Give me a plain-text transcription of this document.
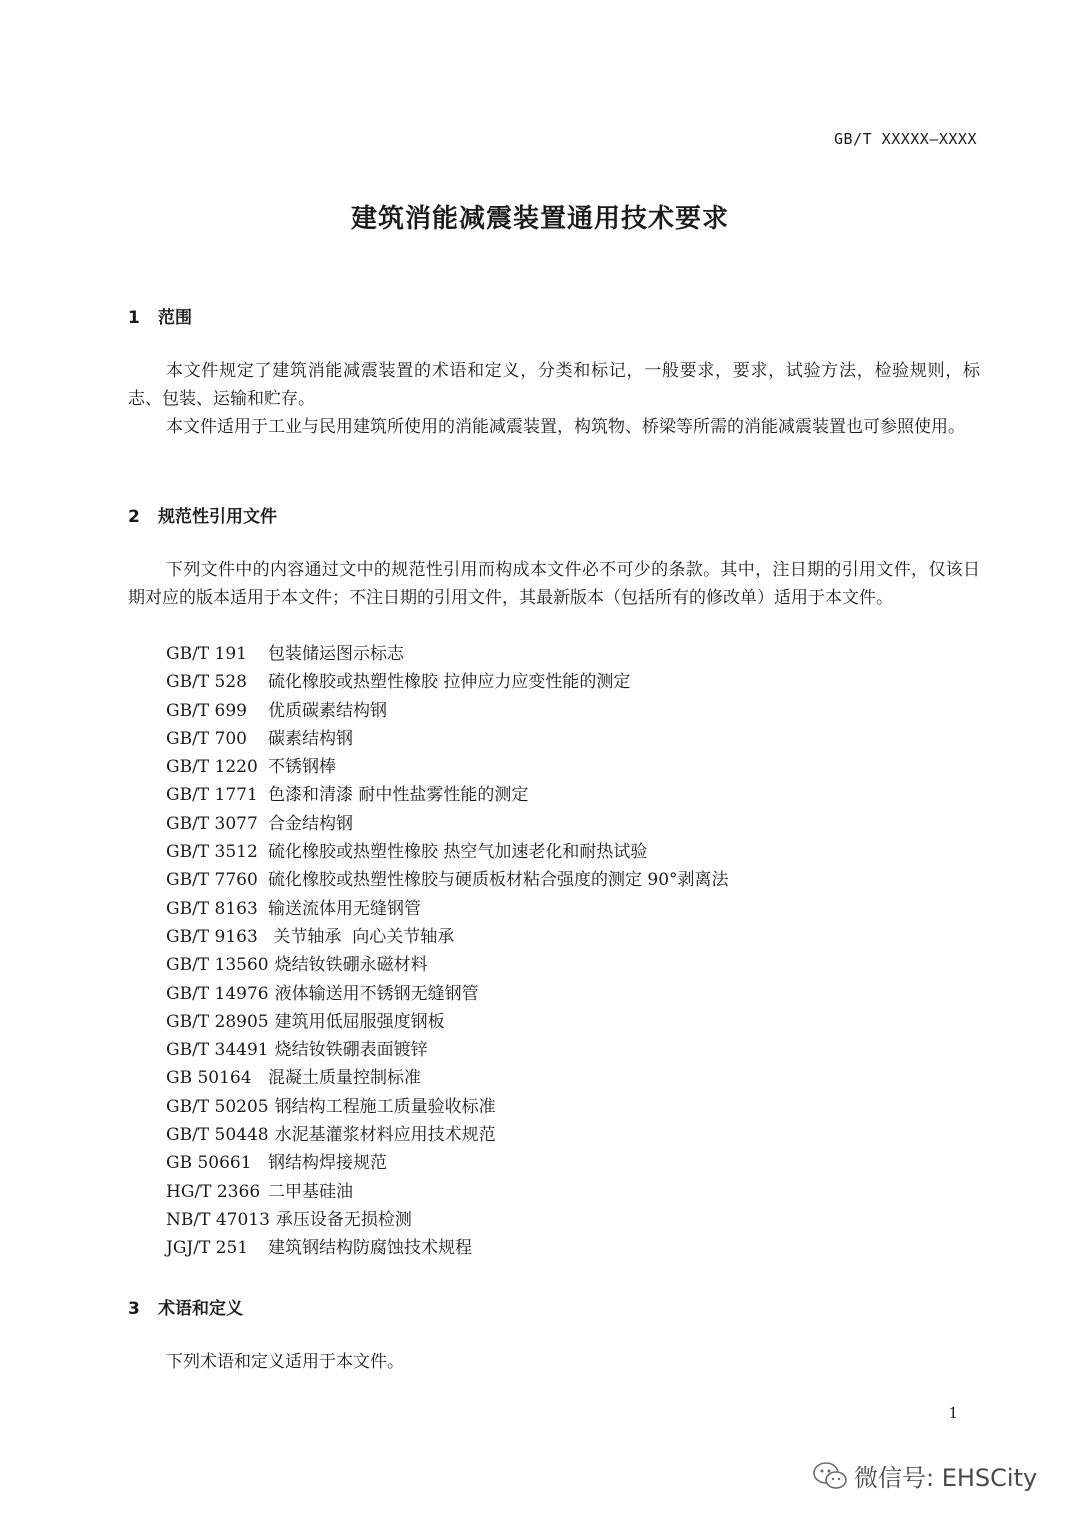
GB/T XXXXX—XXXX
建筑消能减震装置通用技术要求
1 范围

本文件规定了建筑消能减震装置的术语和定义，分类和标记，一般要求，要求，试验方法，检验规则，标志、包装、运输和贮存。

本文件适用于工业与民用建筑所使用的消能减震装置，构筑物、桥梁等所需的消能减震装置也可参照使用。

2 规范性引用文件

下列文件中的内容通过文中的规范性引用而构成本文件必不可少的条款。其中，注日期的引用文件，仅该日期对应的版本适用于本文件；不注日期的引用文件，其最新版本（包括所有的修改单）适用于本文件。

GB/T 191 包装储运图示标志
GB/T 528 硫化橡胶或热塑性橡胶 拉伸应力应变性能的测定
GB/T 699 优质碳素结构钢
GB/T 700 碳素结构钢
GB/T 1220 不锈钢棒
GB/T 1771 色漆和清漆 耐中性盐雾性能的测定
GB/T 3077 合金结构钢
GB/T 3512 硫化橡胶或热塑性橡胶 热空气加速老化和耐热试验
GB/T 7760 硫化橡胶或热塑性橡胶与硬质板材粘合强度的测定 90°剥离法
GB/T 8163 输送流体用无缝钢管
GB/T 9163 关节轴承  向心关节轴承
GB/T 13560 烧结钕铁硼永磁材料
GB/T 14976 液体输送用不锈钢无缝钢管
GB/T 28905 建筑用低屈服强度钢板
GB/T 34491 烧结钕铁硼表面镀锌
GB 50164 混凝土质量控制标准
GB/T 50205 钢结构工程施工质量验收标准
GB/T 50448 水泥基灌浆材料应用技术规范
GB 50661 钢结构焊接规范
HG/T 2366 二甲基硅油
NB/T 47013 承压设备无损检测
JGJ/T 251 建筑钢结构防腐蚀技术规程
3 术语和定义

下列术语和定义适用于本文件。

1
微信号: EHSCity
